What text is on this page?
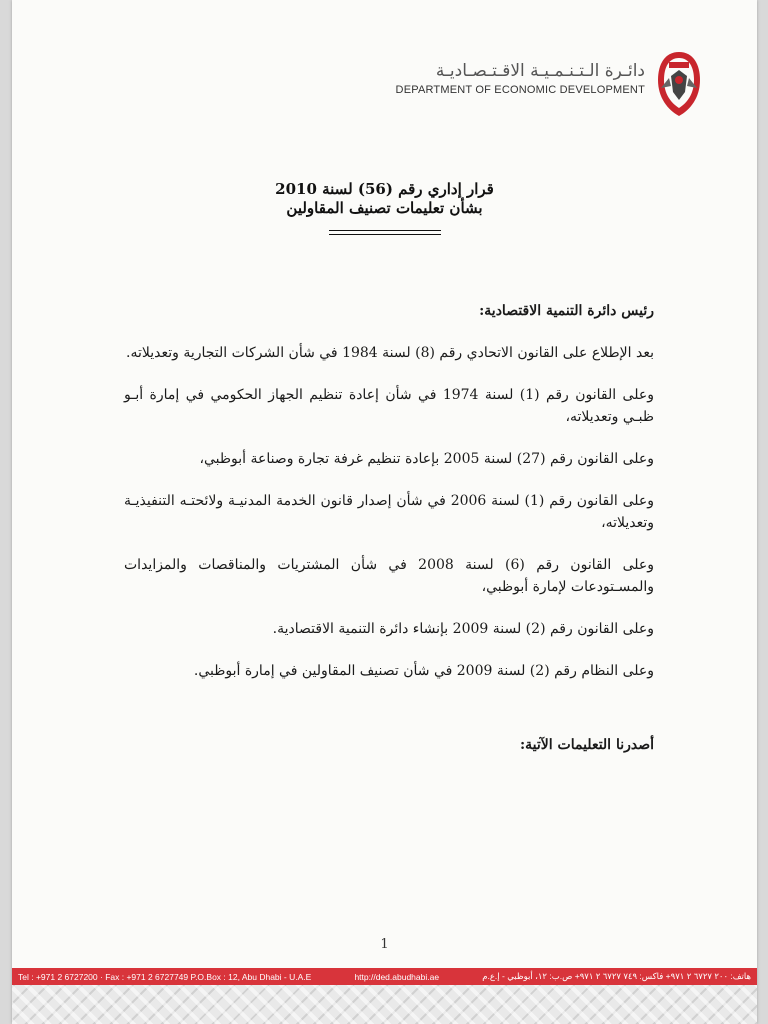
دائـرة الـتـنـمـيـة الاقـتـصـاديـة
DEPARTMENT OF ECONOMIC DEVELOPMENT
قرار إداري رقم (56) لسنة 2010
بشأن تعليمات تصنيف المقاولين

رئيس دائرة التنمية الاقتصادية:

بعد الإطلاع على القانون الاتحادي رقم (8) لسنة 1984 في شأن الشركات التجارية وتعديلاته.

وعلى القانون رقم (1) لسنة 1974 في شأن إعادة تنظيم الجهاز الحكومي في إمارة أبـو ظبـي وتعديلاته،

وعلى القانون رقم (27) لسنة 2005 بإعادة تنظيم غرفة تجارة وصناعة أبوظبي،

وعلى القانون رقم (1) لسنة 2006 في شأن إصدار قانون الخدمة المدنيـة ولائحتـه التنفيذيـة وتعديلاته،

وعلى القانون رقم (6) لسنة 2008 في شأن المشتريات والمناقصات والمزايدات والمسـتودعات لإمارة أبوظبي،

وعلى القانون رقم (2) لسنة 2009 بإنشاء دائرة التنمية الاقتصادية.

وعلى النظام رقم (2) لسنة 2009 في شأن تصنيف المقاولين في إمارة أبوظبي.

أصدرنا التعليمات الآتية:

1
Tel : +971 2 6727200 · Fax : +971 2 6727749 P.O.Box : 12, Abu Dhabi - U.A.E	http://ded.abudhabi.ae	هاتف: ٢٠٠ ٦٧٢٧ ٢ ٩٧١+ فاكس: ٧٤٩ ٦٧٢٧ ٢ ٩٧١+ ص.ب: ١٢، أبوظبي - إ.ع.م
